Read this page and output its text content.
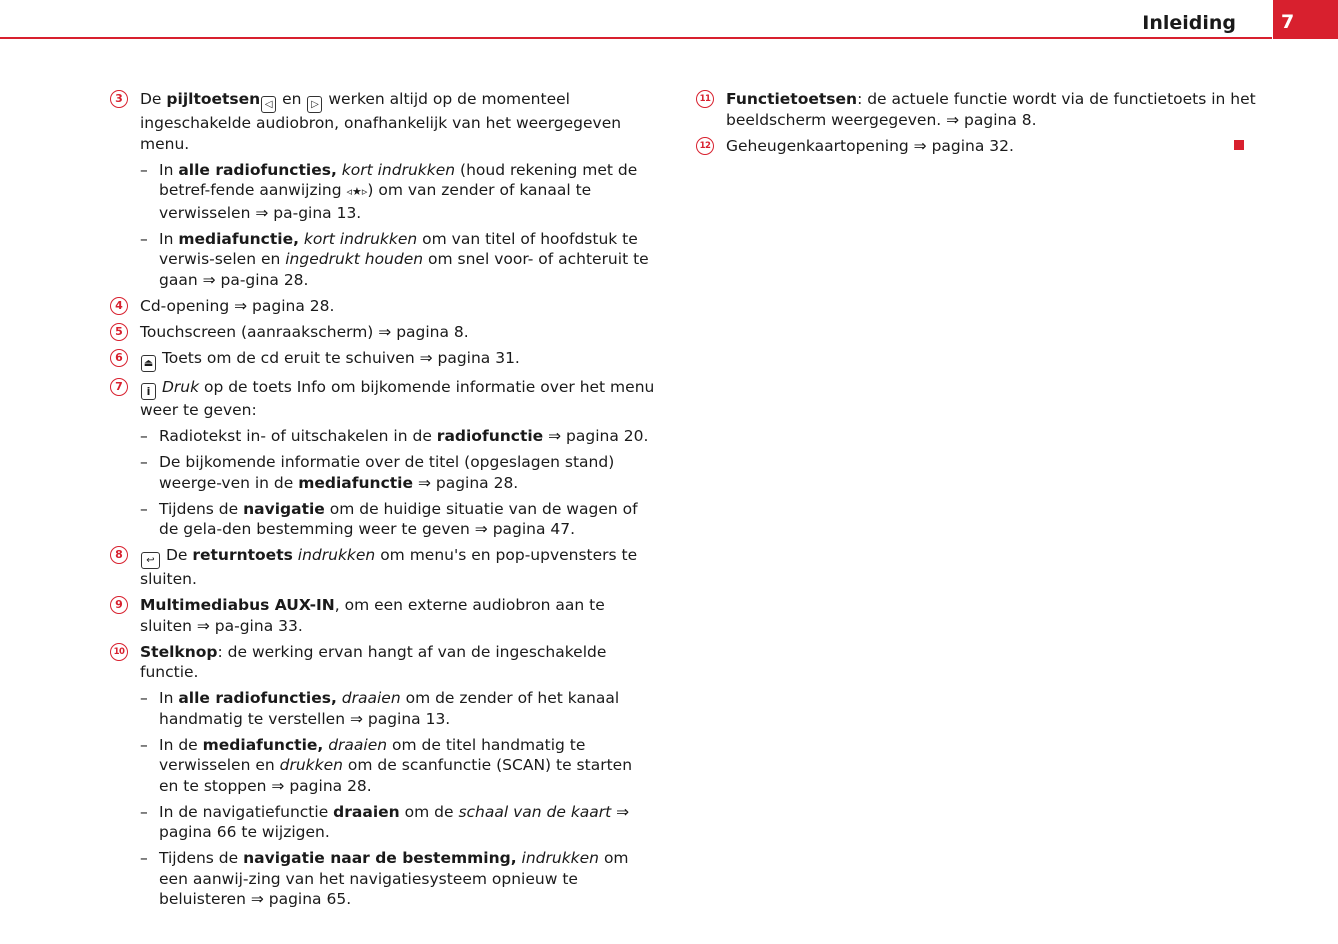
Inleiding 7
3	De pijltoetsen ◁ en ▷ werken altijd op de momenteel ingeschakelde audiobron, onafhankelijk van het weergegeven menu.
– In alle radiofuncties, kort indrukken (houd rekening met de betref-fende aanwijzing ◃★▹) om van zender of kanaal te verwisselen ⇒ pa-gina 13.
– In mediafunctie, kort indrukken om van titel of hoofdstuk te verwis-selen en ingedrukt houden om snel voor- of achteruit te gaan ⇒ pa-gina 28.
4	Cd-opening ⇒ pagina 28.
5	Touchscreen (aanraakscherm) ⇒ pagina 8.
6	⏏ Toets om de cd eruit te schuiven ⇒ pagina 31.
7	i Druk op de toets Info om bijkomende informatie over het menu weer te geven:
– Radiotekst in- of uitschakelen in de radiofunctie ⇒ pagina 20.
– De bijkomende informatie over de titel (opgeslagen stand) weerge-ven in de mediafunctie ⇒ pagina 28.
– Tijdens de navigatie om de huidige situatie van de wagen of de gela-den bestemming weer te geven ⇒ pagina 47.
8	↩ De returntoets indrukken om menu's en pop-upvensters te sluiten.
9	Multimediabus AUX-IN, om een externe audiobron aan te sluiten ⇒ pa-gina 33.
10 Stelknop: de werking ervan hangt af van de ingeschakelde functie.
– In alle radiofuncties, draaien om de zender of het kanaal handmatig te verstellen ⇒ pagina 13.
– In de mediafunctie, draaien om de titel handmatig te verwisselen en drukken om de scanfunctie (SCAN) te starten en te stoppen ⇒ pagina 28.
– In de navigatiefunctie draaien om de schaal van de kaart ⇒ pagina 66 te wijzigen.
– Tijdens de navigatie naar de bestemming, indrukken om een aanwij-zing van het navigatiesysteem opnieuw te beluisteren ⇒ pagina 65.
11 Functietoetsen: de actuele functie wordt via de functietoets in het beeldscherm weergegeven. ⇒ pagina 8.
12 Geheugenkaartopening ⇒ pagina 32.
